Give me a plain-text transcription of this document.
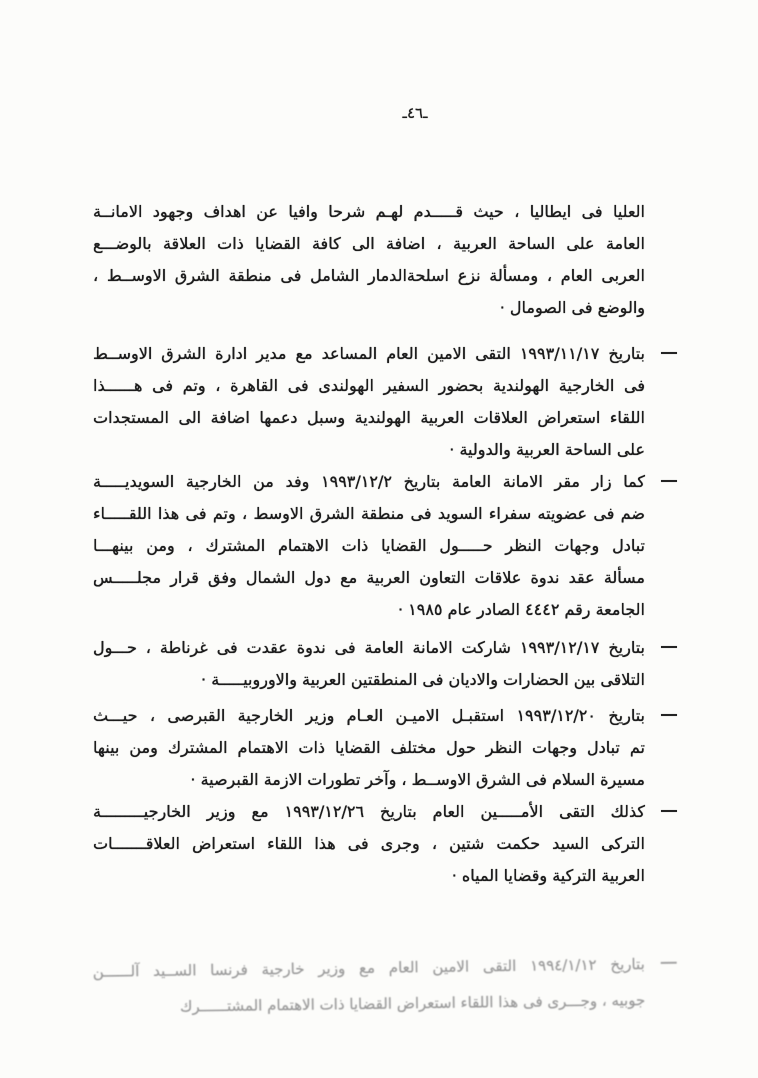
ـ٤٦ـ
العليا فى ايطاليا ، حيث قـــــدم لهـم شرحا وافيا عن اهداف وجهود الامانــة
العامة على الساحة العربية ، اضافة الى كافة القضايا ذات العلاقة بالوضـــع
العربى العام ، ومسألة نزع اسلحةالدمار الشامل فى منطقة الشرق الاوســط ،
والوضع فى الصومال ·
بتاريخ ١٩٩٣/١١/١٧ التقى الامين العام المساعد مع مدير ادارة الشرق الاوســط
فى الخارجية الهولندية بحضور السفير الهولندى فى القاهرة ، وتم فى هــــــذا
اللقاء استعراض العلاقات العربية الهولندية وسبل دعمها اضافة الى المستجدات
على الساحة العربية والدولية ·
كما زار مقر الامانة العامة بتاريخ ١٩٩٣/١٢/٢ وفد من الخارجية السويديـــــة
ضم فى عضويته سفراء السويد فى منطقة الشرق الاوسط ، وتم فى هذا اللقـــــاء
تبادل وجهات النظر حـــــول القضايا ذات الاهتمام المشترك ، ومن بينهـــا
مسألة عقد ندوة علاقات التعاون العربية مع دول الشمال وفق قرار مجلـــــس
الجامعة رقم ٤٤٤٢ الصادر عام ١٩٨٥ ·
بتاريخ ١٩٩٣/١٢/١٧ شاركت الامانة العامة فى ندوة عقدت فى غرناطة ، حـــول
التلاقى بين الحضارات والاديان فى المنطقتين العربية والاوروبيـــــة ·
بتاريخ ١٩٩٣/١٢/٢٠ استقبـل الاميـن العـام وزير الخارجية القبرصى ، حيـــث
تم تبادل وجهات النظر حول مختلف القضايا ذات الاهتمام المشترك ومن بينها
مسيرة السلام فى الشرق الاوســط ، وآخر تطورات الازمة القبرصية ·
كذلك التقى الأمـــــين العام بتاريخ ١٩٩٣/١٢/٢٦ مع وزير الخارجيـــــــــة
التركى السيد حكمت شتين ، وجرى فى هذا اللقاء استعراض العلاقـــــــات
العربية التركية وقضايا المياه ·
بتاريخ ١٩٩٤/١/١٢ التقى الامين العام مع وزير خارجية فرنسا الســيد آلــــــن
جوبيه ، وجـــرى فى هذا اللقاء استعراض القضايا ذات الاهتمام المشتــــــرك
